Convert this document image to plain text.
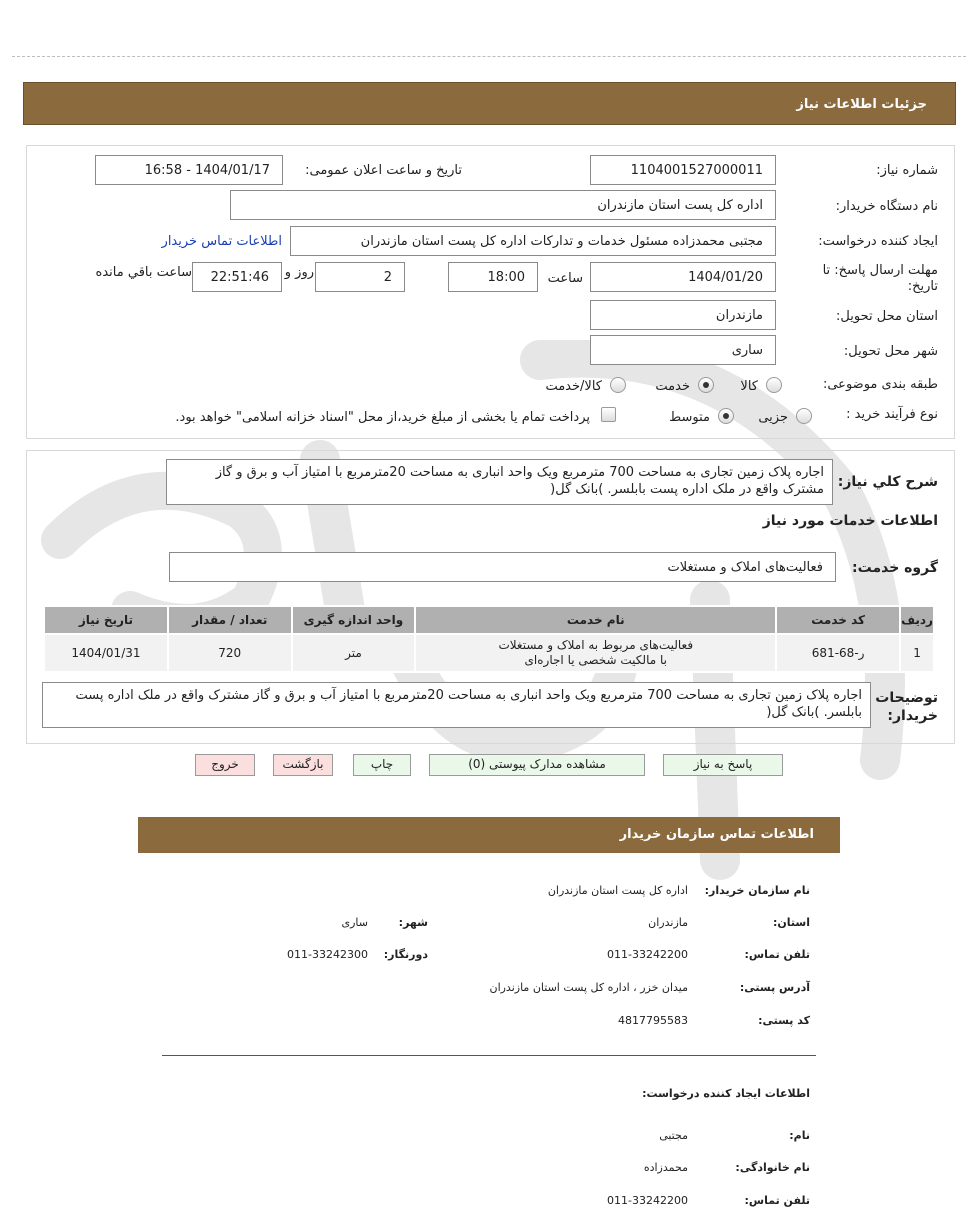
جزئیات اطلاعات نیاز
شماره نیاز:
1104001527000011
تاریخ و ساعت اعلان عمومی:
1404/01/17 - 16:58
نام دستگاه خریدار:
اداره کل پست استان مازندران
ایجاد کننده درخواست:
مجتبی محمدزاده مسئول خدمات و تدارکات اداره کل پست استان مازندران
اطلاعات تماس خریدار
مهلت ارسال پاسخ: تا تاریخ:
1404/01/20
ساعت
18:00
2
روز و
22:51:46
ساعت باقي مانده
استان محل تحویل:
مازندران
شهر محل تحویل:
ساری
طبقه بندی موضوعی:
کالا
خدمت
کالا/خدمت
نوع فرآیند خرید :
جزیی
متوسط
پرداخت تمام یا بخشی از مبلغ خرید،از محل "اسناد خزانه اسلامی" خواهد بود.
شرح کلي نياز:
اجاره پلاک زمین تجاری به مساحت 700 مترمربع ویک واحد انباری به مساحت 20مترمربع با امتیاز آب و برق و گاز مشترک واقع در ملک اداره پست بابلسر. )بانک گل(
اطلاعات خدمات مورد نیاز
گروه خدمت:
فعالیت‌های املاک و مستغلات
رديف	کد خدمت	نام خدمت	واحد اندازه گیری	تعداد / مقدار	تاریخ نیاز
1	ر-68-681	فعالیت‌های مربوط به املاک و مستغلات
با مالکیت شخصی یا اجاره‌ای	متر	720	1404/01/31
توضیحات خریدار:
اجاره پلاک زمین تجاری به مساحت 700 مترمربع ویک واحد انباری به مساحت 20مترمربع با امتیاز آب و برق و گاز مشترک واقع در ملک اداره پست بابلسر. )بانک گل(
پاسخ به نیاز
مشاهده مدارک پیوستی (0)
چاپ
بازگشت
خروج
اطلاعات تماس سازمان خریدار
نام سازمان خریدار:
اداره کل پست استان مازندران
استان:
مازندران
شهر:
ساری
تلفن تماس:
011-33242200
دورنگار:
011-33242300
آدرس پستی:
میدان خزر ، اداره کل پست استان مازندران
کد پستی:
4817795583
اطلاعات ایجاد کننده درخواست:
نام:
مجتبی
نام خانوادگی:
محمدزاده
تلفن تماس:
011-33242200
